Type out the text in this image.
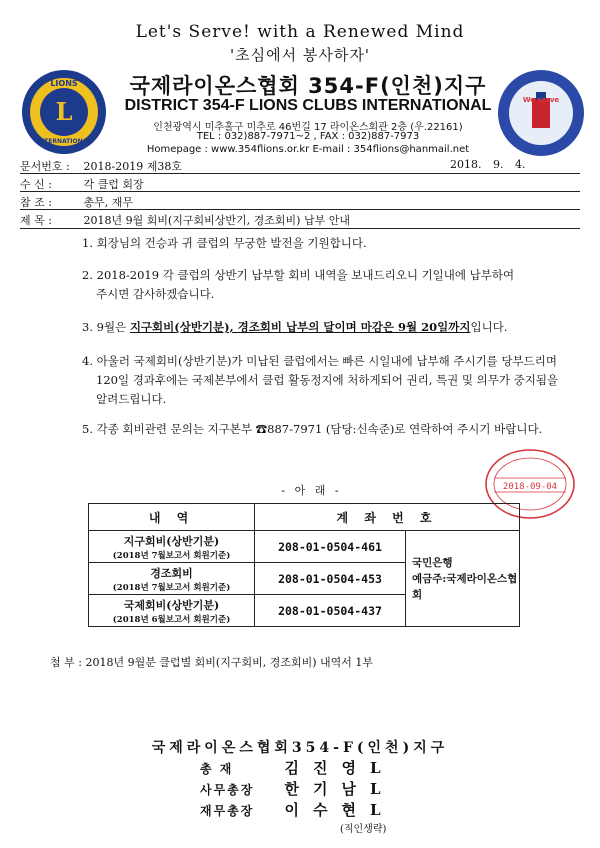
Let's Serve! with a Renewed Mind
'초심에서 봉사하자'
L
LIONS
INTERNATIONAL
We serve
국제라이온스협회 354-F(인천)지구
DISTRICT 354-F LIONS CLUBS INTERNATIONAL
인천광역시 미추홀구 미추로 46번길 17 라이온스회관 2층 (우.22161)
TEL : 032)887-7971~2 , FAX : 032)887-7973
Homepage : www.354flions.or.kr E-mail : 354flions@hanmail.net
문서번호 : 2018-2019 제38호	2018. 9. 4.
수 신 :	각 클럽 회장
참 조 :	총무, 재무
제 목 :	2018년 9월 회비(지구회비상반기, 경조회비) 납부 안내
1. 회장님의 건승과 귀 클럽의 무궁한 발전을 기원합니다.
2. 2018-2019 각 클럽의 상반기 납부할 회비 내역을 보내드리오니 기일내에 납부하여
주시면 감사하겠습니다.
3. 9월은 지구회비(상반기분), 경조회비 납부의 달이며 마감은 9월 20일까지입니다.
4. 아울러 국제회비(상반기분)가 미납된 클럽에서는 빠른 시일내에 납부해 주시기를 당부드리며
120일 경과후에는 국제본부에서 클럽 활동정지에 처하게되어 권리, 특권 및 의무가 중지됨을
알려드립니다.
5. 각종 회비관련 문의는 지구본부 ☎887-7971 (담당:신속준)로 연락하여 주시기 바랍니다.
2018-09-04
- 아 래 -
내 역	계 좌 번 호	

지구회비(상반기분)
(2018년 7월보고서 회원기준)	208-01-0504-461	국민은행
예금주:국제라이온스협회

경조회비
(2018년 7월보고서 회원기준)	208-01-0504-453	

국제회비(상반기분)
(2018년 6월보고서 회원기준)	208-01-0504-437	
첨 부 : 2018년 9월분 클럽별 회비(지구회비, 경조회비) 내역서 1부
국제라이온스협회354-F(인천)지구
총 재	김진영L
사무총장 한기남L
재무총장 이수현L
(직인생략)
